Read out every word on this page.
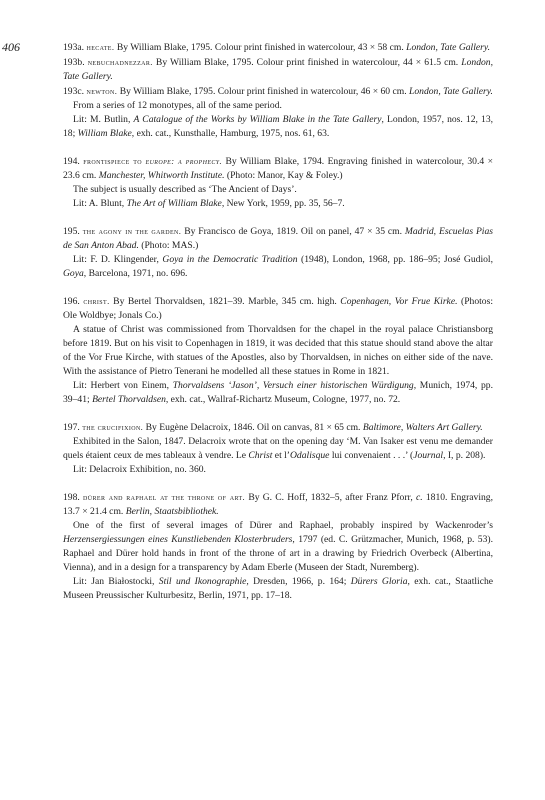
406	193a. hecate. By William Blake, 1795. Colour print finished in watercolour, 43 × 58 cm. London, Tate Gallery.

193b. nebuchadnezzar. By William Blake, 1795. Colour print finished in watercolour, 44 × 61.5 cm. London, Tate Gallery.

193c. newton. By William Blake, 1795. Colour print finished in watercolour, 46 × 60 cm. London, Tate Gallery.

From a series of 12 monotypes, all of the same period.

Lit: M. Butlin, A Catalogue of the Works by William Blake in the Tate Gallery, London, 1957, nos. 12, 13, 18; William Blake, exh. cat., Kunsthalle, Hamburg, 1975, nos. 61, 63.

194. frontispiece to europe: a prophecy. By William Blake, 1794. Engraving finished in watercolour, 30.4 × 23.6 cm. Manchester, Whitworth Institute. (Photo: Manor, Kay & Foley.)

The subject is usually described as ‘The Ancient of Days’.

Lit: A. Blunt, The Art of William Blake, New York, 1959, pp. 35, 56–7.

195. the agony in the garden. By Francisco de Goya, 1819. Oil on panel, 47 × 35 cm. Madrid, Escuelas Pias de San Anton Abad. (Photo: MAS.)

Lit: F. D. Klingender, Goya in the Democratic Tradition (1948), London, 1968, pp. 186–95; José Gudiol, Goya, Barcelona, 1971, no. 696.

196. christ. By Bertel Thorvaldsen, 1821–39. Marble, 345 cm. high. Copenhagen, Vor Frue Kirke. (Photos: Ole Woldbye; Jonals Co.)

A statue of Christ was commissioned from Thorvaldsen for the chapel in the royal palace Christiansborg before 1819. But on his visit to Copenhagen in 1819, it was decided that this statue should stand above the altar of the Vor Frue Kirche, with statues of the Apostles, also by Thorvaldsen, in niches on either side of the nave. With the assistance of Pietro Tenerani he modelled all these statues in Rome in 1821.

Lit: Herbert von Einem, Thorvaldsens ‘Jason’, Versuch einer historischen Würdigung, Munich, 1974, pp. 39–41; Bertel Thorvaldsen, exh. cat., Wallraf-Richartz Museum, Cologne, 1977, no. 72.

197. the crucifixion. By Eugène Delacroix, 1846. Oil on canvas, 81 × 65 cm. Baltimore, Walters Art Gallery.

Exhibited in the Salon, 1847. Delacroix wrote that on the opening day ‘M. Van Isaker est venu me demander quels étaient ceux de mes tableaux à vendre. Le Christ et l’Odalisque lui convenaient . . .’ (Journal, I, p. 208).

Lit: Delacroix Exhibition, no. 360.

198. dürer and raphael at the throne of art. By G. C. Hoff, 1832–5, after Franz Pforr, c. 1810. Engraving, 13.7 × 21.4 cm. Berlin, Staatsbibliothek.

One of the first of several images of Dürer and Raphael, probably inspired by Wackenroder’s Herzensergiessungen eines Kunstliebenden Klosterbruders, 1797 (ed. C. Grützmacher, Munich, 1968, p. 53). Raphael and Dürer hold hands in front of the throne of art in a drawing by Friedrich Overbeck (Albertina, Vienna), and in a design for a transparency by Adam Eberle (Museen der Stadt, Nuremberg).

Lit: Jan Białostocki, Stil und Ikonographie, Dresden, 1966, p. 164; Dürers Gloria, exh. cat., Staatliche Museen Preussischer Kulturbesitz, Berlin, 1971, pp. 17–18.
